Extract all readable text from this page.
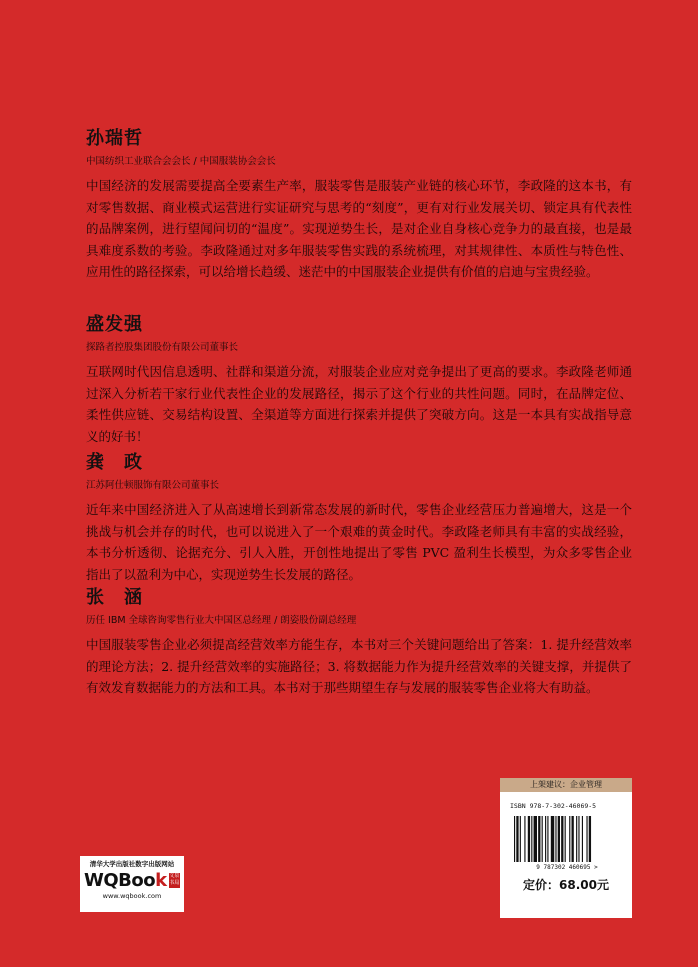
孙瑞哲
中国纺织工业联合会会长 / 中国服装协会会长

中国经济的发展需要提高全要素生产率，服装零售是服装产业链的核心环节，李政隆的这本书，有对零售数据、商业模式运营进行实证研究与思考的“刻度”，更有对行业发展关切、锁定具有代表性的品牌案例，进行望闻问切的“温度”。实现逆势生长，是对企业自身核心竞争力的最直接，也是最具难度系数的考验。李政隆通过对多年服装零售实践的系统梳理，对其规律性、本质性与特色性、应用性的路径探索，可以给增长趋缓、迷茫中的中国服装企业提供有价值的启迪与宝贵经验。

盛发强
探路者控股集团股份有限公司董事长

互联网时代因信息透明、社群和渠道分流，对服装企业应对竞争提出了更高的要求。李政隆老师通过深入分析若干家行业代表性企业的发展路径，揭示了这个行业的共性问题。同时，在品牌定位、柔性供应链、交易结构设置、全渠道等方面进行探索并提供了突破方向。这是一本具有实战指导意义的好书！

龚　政
江苏阿仕顿服饰有限公司董事长

近年来中国经济进入了从高速增长到新常态发展的新时代，零售企业经营压力普遍增大，这是一个挑战与机会并存的时代，也可以说进入了一个艰难的黄金时代。李政隆老师具有丰富的实战经验，本书分析透彻、论据充分、引人入胜，开创性地提出了零售 PVC 盈利生长模型，为众多零售企业指出了以盈利为中心，实现逆势生长发展的路径。

张　涵
历任 IBM 全球咨询零售行业大中国区总经理 / 朗姿股份副总经理

中国服装零售企业必须提高经营效率方能生存，本书对三个关键问题给出了答案：1. 提升经营效率的理论方法；2. 提升经营效率的实施路径；3. 将数据能力作为提升经营效率的关键支撑，并提供了有效发育数据能力的方法和工具。本书对于那些期望生存与发展的服装零售企业将大有助益。

清华大学出版社数字出版网站
WQBook 文泉书局
www.wqbook.com
上架建议：企业管理
ISBN 978-7-302-46069-5
9 787302 460695 >
定价：68.00元
